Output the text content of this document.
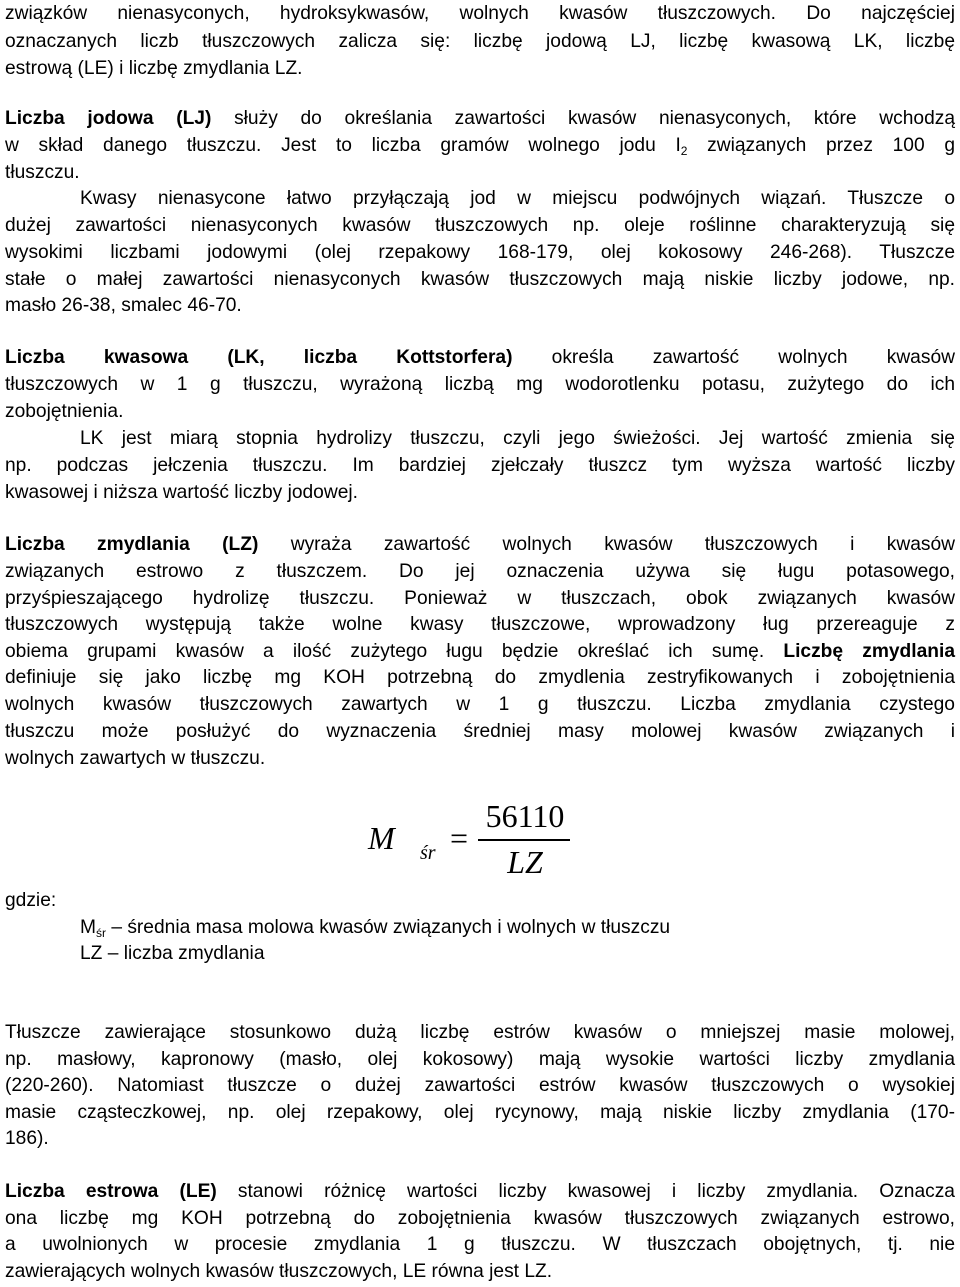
związków nienasyconych, hydroksykwasów, wolnych kwasów tłuszczowych. Do najczęściej
oznaczanych liczb tłuszczowych zalicza się: liczbę jodową LJ, liczbę kwasową LK, liczbę
estrową (LE) i liczbę zmydlania LZ.
Liczba jodowa (LJ) służy do określania zawartości kwasów nienasyconych, które wchodzą
w skład danego tłuszczu. Jest to liczba gramów wolnego jodu $I_2$ związanych przez 100 g
tłuszczu.
Kwasy nienasycone łatwo przyłączają jod w miejscu podwójnych wiązań. Tłuszcze o
dużej zawartości nienasyconych kwasów tłuszczowych np. oleje roślinne charakteryzują się
wysokimi liczbami jodowymi (olej rzepakowy 168-179, olej kokosowy 246-268). Tłuszcze
stałe o małej zawartości nienasyconych kwasów tłuszczowych mają niskie liczby jodowe, np.
masło 26-38, smalec 46-70.
Liczba kwasowa (LK, liczba Kottstorfera) określa zawartość wolnych kwasów
tłuszczowych w 1 g tłuszczu, wyrażoną liczbą mg wodorotlenku potasu, zużytego do ich
zobojętnienia.
LK jest miarą stopnia hydrolizy tłuszczu, czyli jego świeżości. Jej wartość zmienia się
np. podczas jełczenia tłuszczu. Im bardziej zjełczały tłuszcz tym wyższa wartość liczby
kwasowej i niższa wartość liczby jodowej.
Liczba zmydlania (LZ) wyraża zawartość wolnych kwasów tłuszczowych i kwasów
związanych estrowo z tłuszczem. Do jej oznaczenia używa się ługu potasowego,
przyśpieszającego hydrolizę tłuszczu. Ponieważ w tłuszczach, obok związanych kwasów
tłuszczowych występują także wolne kwasy tłuszczowe, wprowadzony ług przereaguje z
obiema grupami kwasów a ilość zużytego ługu będzie określać ich sumę. Liczbę zmydlania
definiuje się jako liczbę mg KOH potrzebną do zmydlenia zestryfikowanych i zobojętnienia
wolnych kwasów tłuszczowych zawartych w 1 g tłuszczu. Liczba zmydlania czystego
tłuszczu może posłużyć do wyznaczenia średniej masy molowej kwasów związanych i
wolnych zawartych w tłuszczu.
M śr =
56110
LZ
gdzie:
$M_{śr}$ – średnia masa molowa kwasów związanych i wolnych w tłuszczu
LZ – liczba zmydlania
Tłuszcze zawierające stosunkowo dużą liczbę estrów kwasów o mniejszej masie molowej,
np. masłowy, kapronowy (masło, olej kokosowy) mają wysokie wartości liczby zmydlania
(220-260). Natomiast tłuszcze o dużej zawartości estrów kwasów tłuszczowych o wysokiej
masie cząsteczkowej, np. olej rzepakowy, olej rycynowy, mają niskie liczby zmydlania (170-
186).
Liczba estrowa (LE) stanowi różnicę wartości liczby kwasowej i liczby zmydlania. Oznacza
ona liczbę mg KOH potrzebną do zobojętnienia kwasów tłuszczowych związanych estrowo,
a uwolnionych w procesie zmydlania 1 g tłuszczu. W tłuszczach obojętnych, tj. nie
zawierających wolnych kwasów tłuszczowych, LE równa jest LZ.
